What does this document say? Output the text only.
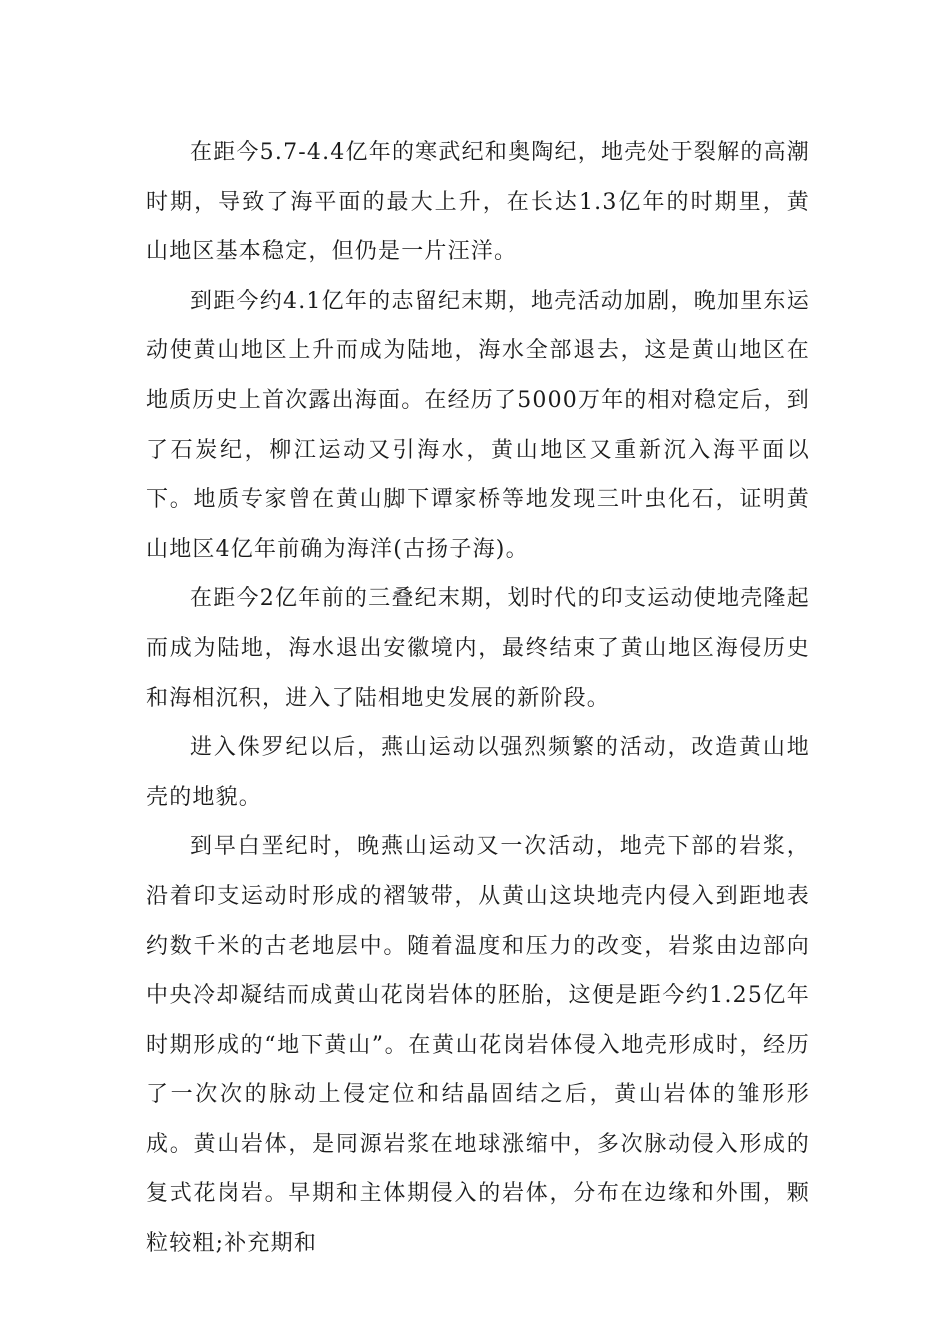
在距今5.7-4.4亿年的寒武纪和奥陶纪，地壳处于裂解的高潮时期，导致了海平面的最大上升，在长达1.3亿年的时期里，黄山地区基本稳定，但仍是一片汪洋。

到距今约4.1亿年的志留纪末期，地壳活动加剧，晚加里东运动使黄山地区上升而成为陆地，海水全部退去，这是黄山地区在地质历史上首次露出海面。在经历了5000万年的相对稳定后，到了石炭纪，柳江运动又引海水，黄山地区又重新沉入海平面以下。地质专家曾在黄山脚下谭家桥等地发现三叶虫化石，证明黄山地区4亿年前确为海洋(古扬子海)。

在距今2亿年前的三叠纪末期，划时代的印支运动使地壳隆起而成为陆地，海水退出安徽境内，最终结束了黄山地区海侵历史和海相沉积，进入了陆相地史发展的新阶段。

进入侏罗纪以后，燕山运动以强烈频繁的活动，改造黄山地壳的地貌。

到早白垩纪时，晚燕山运动又一次活动，地壳下部的岩浆，沿着印支运动时形成的褶皱带，从黄山这块地壳内侵入到距地表约数千米的古老地层中。随着温度和压力的改变，岩浆由边部向中央冷却凝结而成黄山花岗岩体的胚胎，这便是距今约1.25亿年时期形成的“地下黄山”。在黄山花岗岩体侵入地壳形成时，经历了一次次的脉动上侵定位和结晶固结之后，黄山岩体的雏形形成。黄山岩体，是同源岩浆在地球涨缩中，多次脉动侵入形成的复式花岗岩。早期和主体期侵入的岩体，分布在边缘和外围，颗粒较粗;补充期和
